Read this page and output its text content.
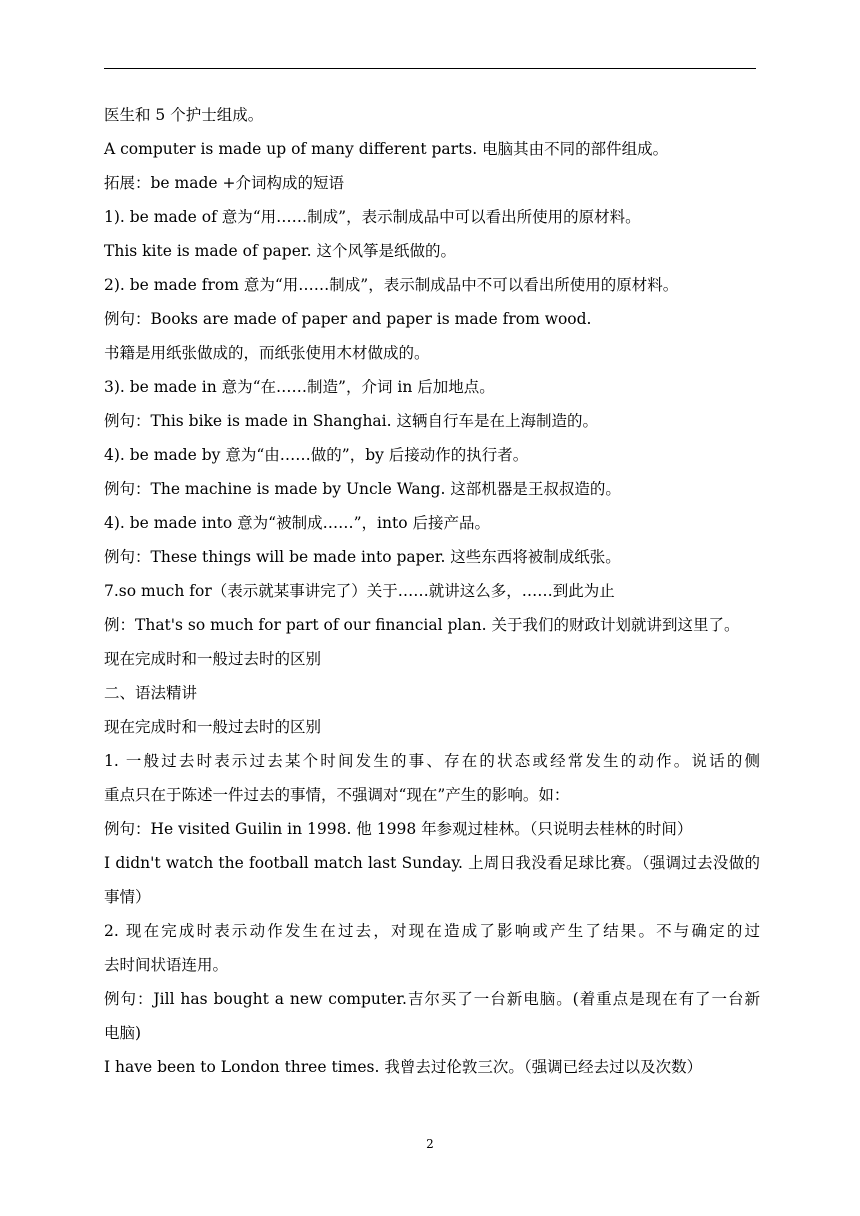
医生和 5 个护士组成。
A computer is made up of many different parts. 电脑其由不同的部件组成。
拓展：be made +介词构成的短语
1). be made of 意为“用……制成”，表示制成品中可以看出所使用的原材料。
This kite is made of paper. 这个风筝是纸做的。
2). be made from 意为“用……制成”，表示制成品中不可以看出所使用的原材料。
例句：Books are made of paper and paper is made from wood.
书籍是用纸张做成的，而纸张使用木材做成的。
3). be made in 意为“在……制造”，介词 in 后加地点。
例句：This bike is made in Shanghai. 这辆自行车是在上海制造的。
4). be made by 意为“由……做的”，by 后接动作的执行者。
例句：The machine is made by Uncle Wang. 这部机器是王叔叔造的。
4). be made into 意为“被制成……”，into 后接产品。
例句：These things will be made into paper. 这些东西将被制成纸张。
7.so much for（表示就某事讲完了）关于……就讲这么多，……到此为止
例：That's so much for part of our financial plan. 关于我们的财政计划就讲到这里了。
现在完成时和一般过去时的区别
二、语法精讲
现在完成时和一般过去时的区别
1. 一般过去时表示过去某个时间发生的事、存在的状态或经常发生的动作。说话的侧
重点只在于陈述一件过去的事情，不强调对“现在”产生的影响。如：
例句：He visited Guilin in 1998. 他 1998 年参观过桂林。（只说明去桂林的时间）
I didn't watch the football match last Sunday. 上周日我没看足球比赛。（强调过去没做的
事情）
2. 现在完成时表示动作发生在过去，对现在造成了影响或产生了结果。不与确定的过
去时间状语连用。
例句：Jill has bought a new computer.吉尔买了一台新电脑。(着重点是现在有了一台新
电脑)
I have been to London three times. 我曾去过伦敦三次。（强调已经去过以及次数）
2
